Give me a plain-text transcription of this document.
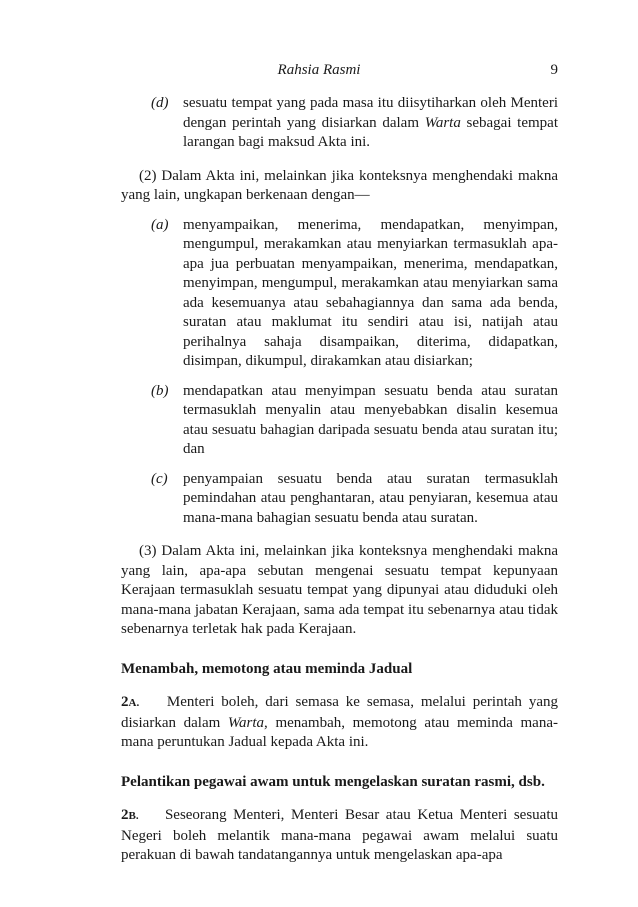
Rahsia Rasmi	9

(d) sesuatu tempat yang pada masa itu diisytiharkan oleh Menteri dengan perintah yang disiarkan dalam Warta sebagai tempat larangan bagi maksud Akta ini.

(2) Dalam Akta ini, melainkan jika konteksnya menghendaki makna yang lain, ungkapan berkenaan dengan—

(a) menyampaikan, menerima, mendapatkan, menyimpan, mengumpul, merakamkan atau menyiarkan termasuklah apa-apa jua perbuatan menyampaikan, menerima, mendapatkan, menyimpan, mengumpul, merakamkan atau menyiarkan sama ada kesemuanya atau sebahagiannya dan sama ada benda, suratan atau maklumat itu sendiri atau isi, natijah atau perihalnya sahaja disampaikan, diterima, didapatkan, disimpan, dikumpul, dirakamkan atau disiarkan;

(b) mendapatkan atau menyimpan sesuatu benda atau suratan termasuklah menyalin atau menyebabkan disalin kesemua atau sesuatu bahagian daripada sesuatu benda atau suratan itu; dan

(c) penyampaian sesuatu benda atau suratan termasuklah pemindahan atau penghantaran, atau penyiaran, kesemua atau mana-mana bahagian sesuatu benda atau suratan.

(3) Dalam Akta ini, melainkan jika konteksnya menghendaki makna yang lain, apa-apa sebutan mengenai sesuatu tempat kepunyaan Kerajaan termasuklah sesuatu tempat yang dipunyai atau diduduki oleh mana-mana jabatan Kerajaan, sama ada tempat itu sebenarnya atau tidak sebenarnya terletak hak pada Kerajaan.

Menambah, memotong atau meminda Jadual

2A. Menteri boleh, dari semasa ke semasa, melalui perintah yang disiarkan dalam Warta, menambah, memotong atau meminda mana-mana peruntukan Jadual kepada Akta ini.

Pelantikan pegawai awam untuk mengelaskan suratan rasmi, dsb.

2B. Seseorang Menteri, Menteri Besar atau Ketua Menteri sesuatu Negeri boleh melantik mana-mana pegawai awam melalui suatu perakuan di bawah tandatangannya untuk mengelaskan apa-apa
